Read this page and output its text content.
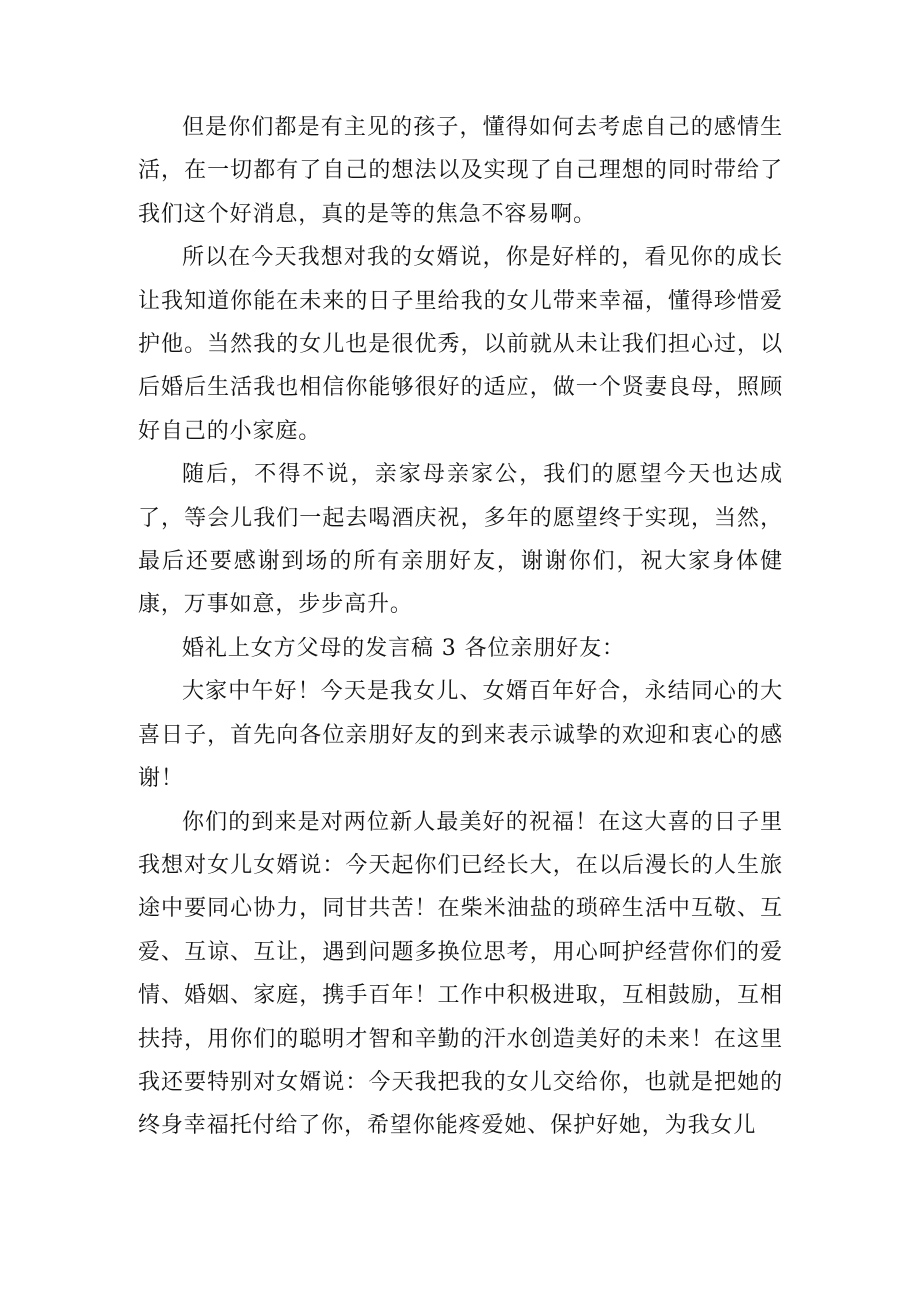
但是你们都是有主见的孩子，懂得如何去考虑自己的感情生活，在一切都有了自己的想法以及实现了自己理想的同时带给了我们这个好消息，真的是等的焦急不容易啊。

所以在今天我想对我的女婿说，你是好样的，看见你的成长让我知道你能在未来的日子里给我的女儿带来幸福，懂得珍惜爱护他。当然我的女儿也是很优秀，以前就从未让我们担心过，以后婚后生活我也相信你能够很好的适应，做一个贤妻良母，照顾好自己的小家庭。

随后，不得不说，亲家母亲家公，我们的愿望今天也达成了，等会儿我们一起去喝酒庆祝，多年的愿望终于实现，当然，最后还要感谢到场的所有亲朋好友，谢谢你们，祝大家身体健康，万事如意，步步高升。

婚礼上女方父母的发言稿 3 各位亲朋好友：

大家中午好！今天是我女儿、女婿百年好合，永结同心的大喜日子，首先向各位亲朋好友的到来表示诚挚的欢迎和衷心的感谢！

你们的到来是对两位新人最美好的祝福！在这大喜的日子里我想对女儿女婿说：今天起你们已经长大，在以后漫长的人生旅途中要同心协力，同甘共苦！在柴米油盐的琐碎生活中互敬、互爱、互谅、互让，遇到问题多换位思考，用心呵护经营你们的爱情、婚姻、家庭，携手百年！工作中积极进取，互相鼓励，互相扶持，用你们的聪明才智和辛勤的汗水创造美好的未来！在这里我还要特别对女婿说：今天我把我的女儿交给你，也就是把她的终身幸福托付给了你，希望你能疼爱她、保护好她，为我女儿
